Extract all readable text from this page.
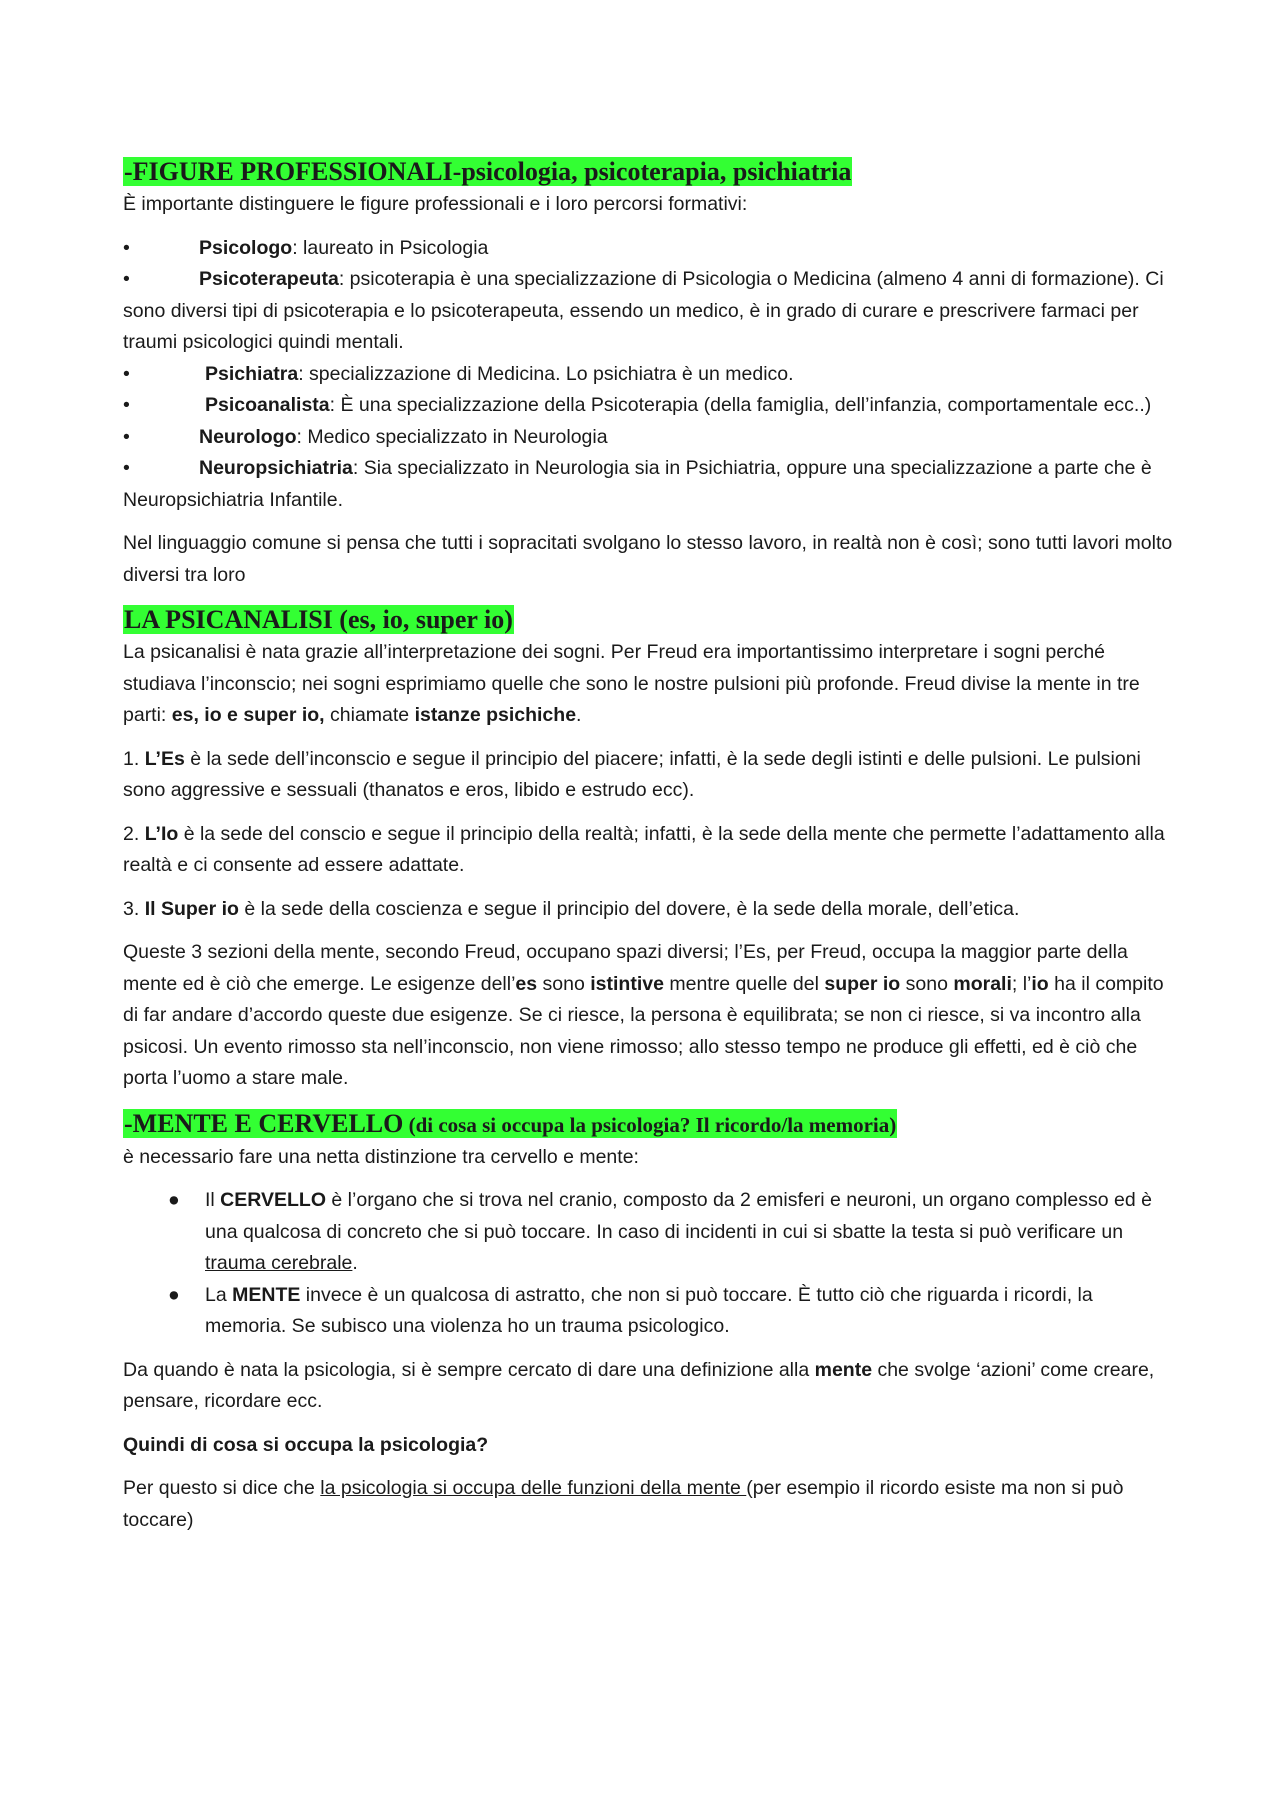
-FIGURE PROFESSIONALI-psicologia, psicoterapia, psichiatria

È importante distinguere le figure professionali e i loro percorsi formativi:

•	Psicologo: laureato in Psicologia
•	Psicoterapeuta: psicoterapia è una specializzazione di Psicologia o Medicina (almeno 4 anni di formazione). Ci sono diversi tipi di psicoterapia e lo psicoterapeuta, essendo un medico, è in grado di curare e prescrivere farmaci per traumi psicologici quindi mentali.
•	Psichiatra: specializzazione di Medicina. Lo psichiatra è un medico.
•	Psicoanalista: È una specializzazione della Psicoterapia (della famiglia, dell’infanzia, comportamentale ecc..)
•	Neurologo: Medico specializzato in Neurologia
•	Neuropsichiatria: Sia specializzato in Neurologia sia in Psichiatria, oppure una specializzazione a parte che è Neuropsichiatria Infantile.

Nel linguaggio comune si pensa che tutti i sopracitati svolgano lo stesso lavoro, in realtà non è così; sono tutti lavori molto diversi tra loro

LA PSICANALISI (es, io, super io)

La psicanalisi è nata grazie all’interpretazione dei sogni. Per Freud era importantissimo interpretare i sogni perché studiava l’inconscio; nei sogni esprimiamo quelle che sono le nostre pulsioni più profonde. Freud divise la mente in tre parti: es, io e super io, chiamate istanze psichiche.

1. L’Es è la sede dell’inconscio e segue il principio del piacere; infatti, è la sede degli istinti e delle pulsioni. Le pulsioni sono aggressive e sessuali (thanatos e eros, libido e estrudo ecc).

2. L’Io è la sede del conscio e segue il principio della realtà; infatti, è la sede della mente che permette l’adattamento alla realtà e ci consente ad essere adattate.

3. Il Super io è la sede della coscienza e segue il principio del dovere, è la sede della morale, dell’etica.

Queste 3 sezioni della mente, secondo Freud, occupano spazi diversi; l’Es, per Freud, occupa la maggior parte della mente ed è ciò che emerge. Le esigenze dell’es sono istintive mentre quelle del super io sono morali; l’io ha il compito di far andare d’accordo queste due esigenze. Se ci riesce, la persona è equilibrata; se non ci riesce, si va incontro alla psicosi. Un evento rimosso sta nell’inconscio, non viene rimosso; allo stesso tempo ne produce gli effetti, ed è ciò che porta l’uomo a stare male.

-MENTE E CERVELLO (di cosa si occupa la psicologia? Il ricordo/la memoria)

è necessario fare una netta distinzione tra cervello e mente:

● Il CERVELLO è l’organo che si trova nel cranio, composto da 2 emisferi e neuroni, un organo complesso ed è una qualcosa di concreto che si può toccare. In caso di incidenti in cui si sbatte la testa si può verificare un trauma cerebrale.
● La MENTE invece è un qualcosa di astratto, che non si può toccare. È tutto ciò che riguarda i ricordi, la memoria. Se subisco una violenza ho un trauma psicologico.

Da quando è nata la psicologia, si è sempre cercato di dare una definizione alla mente che svolge ‘azioni’ come creare, pensare, ricordare ecc.

Quindi di cosa si occupa la psicologia?

Per questo si dice che la psicologia si occupa delle funzioni della mente (per esempio il ricordo esiste ma non si può toccare)
